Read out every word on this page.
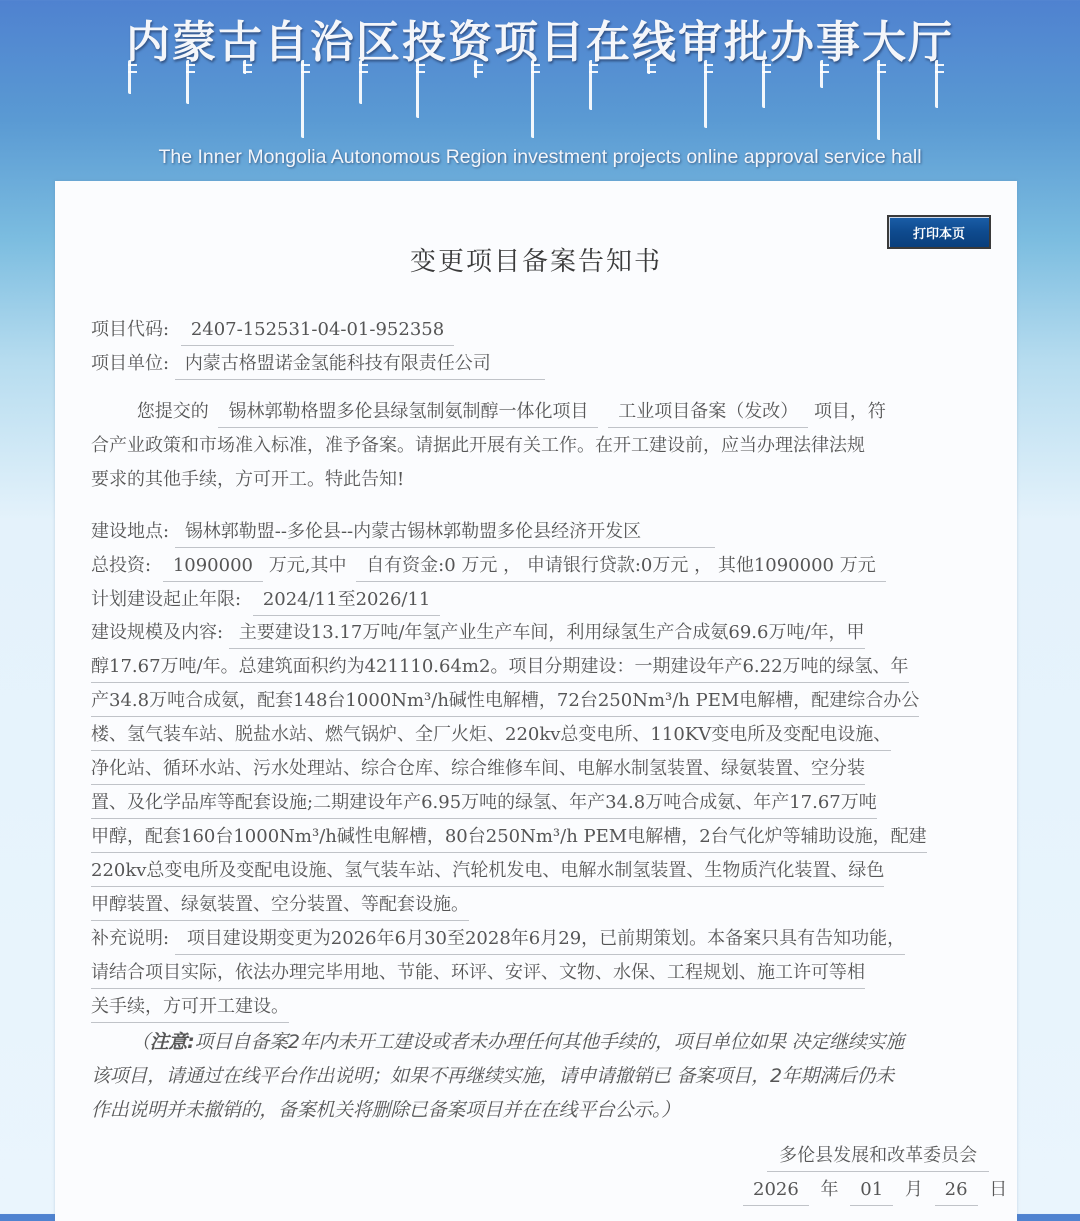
内蒙古自治区投资项目在线审批办事大厅
The Inner Mongolia Autonomous Region investment projects online approval service hall
打印本页
变更项目备案告知书
项目代码: 2407-152531-04-01-952358
项目单位: 内蒙古格盟诺金氢能科技有限责任公司
您提交的 锡林郭勒格盟多伦县绿氢制氨制醇一体化项目 工业项目备案（发改） 项目，符
合产业政策和市场准入标准，准予备案。请据此开展有关工作。在开工建设前，应当办理法律法规
要求的其他手续，方可开工。特此告知!
建设地点: 锡林郭勒盟--多伦县--内蒙古锡林郭勒盟多伦县经济开发区
总投资: 1090000 万元,其中 自有资金:0 万元 ， 申请银行贷款:0万元 ， 其他1090000 万元
计划建设起止年限: 2024/11至2026/11
建设规模及内容: 主要建设13.17万吨/年氢产业生产车间，利用绿氢生产合成氨69.6万吨/年，甲
醇17.67万吨/年。总建筑面积约为421110.64m2。项目分期建设：一期建设年产6.22万吨的绿氢、年
产34.8万吨合成氨，配套148台1000Nm³/h碱性电解槽，72台250Nm³/h PEM电解槽，配建综合办公
楼、氢气装车站、脱盐水站、燃气锅炉、全厂火炬、220kv总变电所、110KV变电所及变配电设施、
净化站、循环水站、污水处理站、综合仓库、综合维修车间、电解水制氢装置、绿氨装置、空分装
置、及化学品库等配套设施;二期建设年产6.95万吨的绿氢、年产34.8万吨合成氨、年产17.67万吨
甲醇，配套160台1000Nm³/h碱性电解槽，80台250Nm³/h PEM电解槽，2台气化炉等辅助设施，配建
220kv总变电所及变配电设施、氢气装车站、汽轮机发电、电解水制氢装置、生物质汽化装置、绿色
甲醇装置、绿氨装置、空分装置、等配套设施。
补充说明: 项目建设期变更为2026年6月30至2028年6月29，已前期策划。本备案只具有告知功能，
请结合项目实际，依法办理完毕用地、节能、环评、安评、文物、水保、工程规划、施工许可等相
关手续，方可开工建设。
（注意:项目自备案2年内未开工建设或者未办理任何其他手续的，项目单位如果 决定继续实施
该项目，请通过在线平台作出说明；如果不再继续实施，请申请撤销已 备案项目，2年期满后仍未
作出说明并未撤销的，备案机关将删除已备案项目并在在线平台公示。）
多伦县发展和改革委员会
2026 年 01 月 26 日
